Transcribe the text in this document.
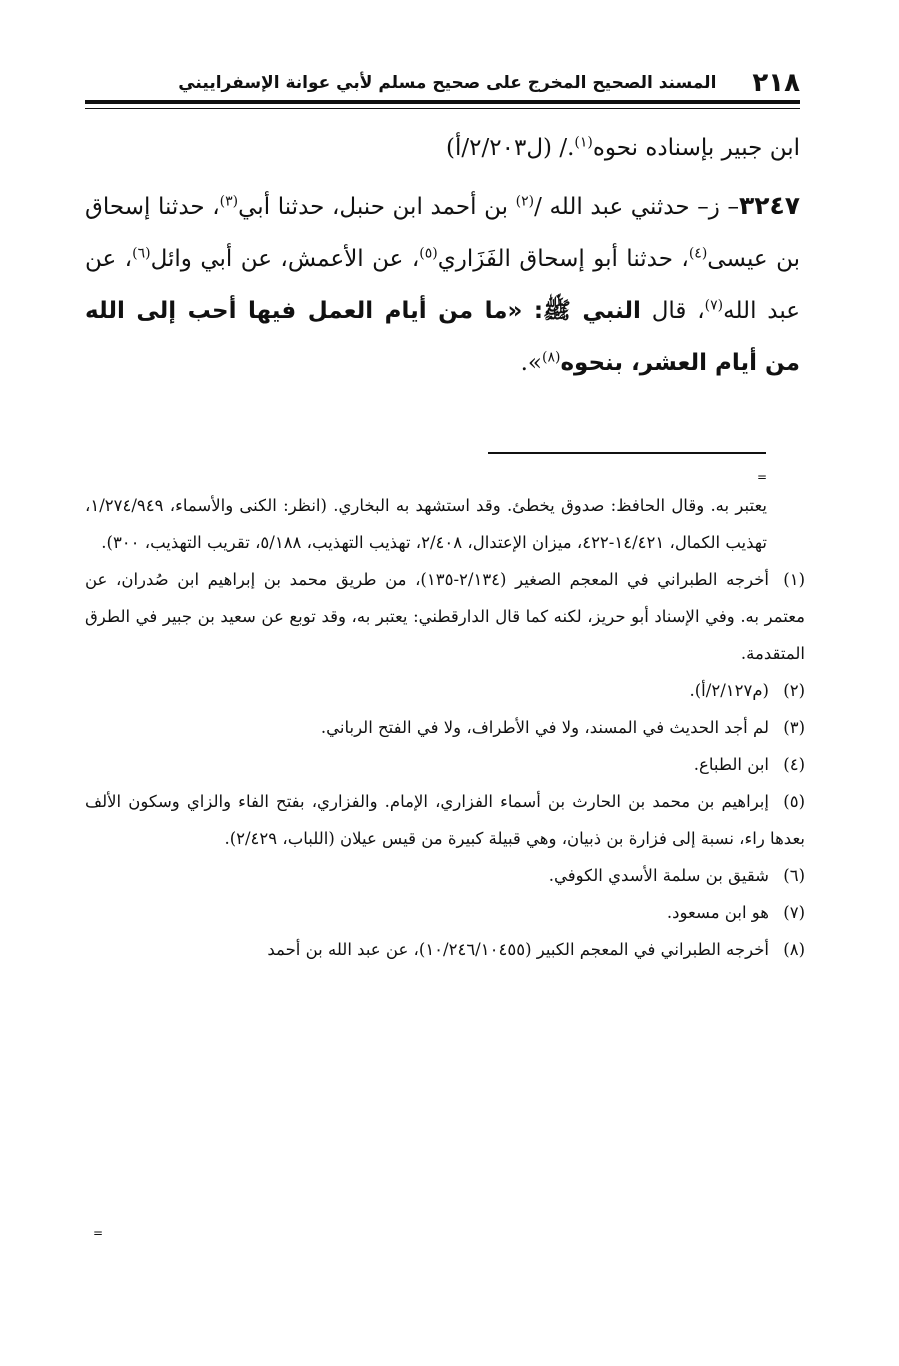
٢١٨
المسند الصحيح المخرج على صحيح مسلم لأبي عوانة الإسفراييني

ابن جبير بإسناده نحوه$^{(١)}$./ (ل٢/٢٠٣/أ)

٣٢٤٧– ز– حدثني عبد الله /$^{(٢)}$ بن أحمد ابن حنبل، حدثنا أبي$^{(٣)}$، حدثنا إسحاق بن عيسى$^{(٤)}$، حدثنا أبو إسحاق الفَزَاري$^{(٥)}$، عن الأعمش، عن أبي وائل$^{(٦)}$، عن عبد الله$^{(٧)}$، قال النبي ﷺ: «ما من أيام العمل فيها أحب إلى الله من أيام العشر، بنحوه$^{(٨)}$».

=

يعتبر به. وقال الحافظ: صدوق يخطئ. وقد استشهد به البخاري. (انظر: الكنى والأسماء، ١/٢٧٤/٩٤٩، تهذيب الكمال، ١٤/٤٢١-٤٢٢، ميزان الإعتدال، ٢/٤٠٨، تهذيب التهذيب، ٥/١٨٨، تقريب التهذيب، ٣٠٠).

(١)أخرجه الطبراني في المعجم الصغير (٢/١٣٤-١٣٥)، من طريق محمد بن إبراهيم ابن صُدران، عن معتمر به. وفي الإسناد أبو حريز، لكنه كما قال الدارقطني: يعتبر به، وقد توبع عن سعيد بن جبير في الطرق المتقدمة.

(٢)(م٢/١٢٧/أ).

(٣)لم أجد الحديث في المسند، ولا في الأطراف، ولا في الفتح الرباني.

(٤)ابن الطباع.

(٥)إبراهيم بن محمد بن الحارث بن أسماء الفزاري، الإمام. والفزاري، بفتح الفاء والزاي وسكون الألف بعدها راء، نسبة إلى فزارة بن ذبيان، وهي قبيلة كبيرة من قيس عيلان (اللباب، ٢/٤٢٩).

(٦)شقيق بن سلمة الأسدي الكوفي.

(٧)هو ابن مسعود.

(٨)أخرجه الطبراني في المعجم الكبير (١٠/٢٤٦/١٠٤٥٥)، عن عبد الله بن أحمد

=
